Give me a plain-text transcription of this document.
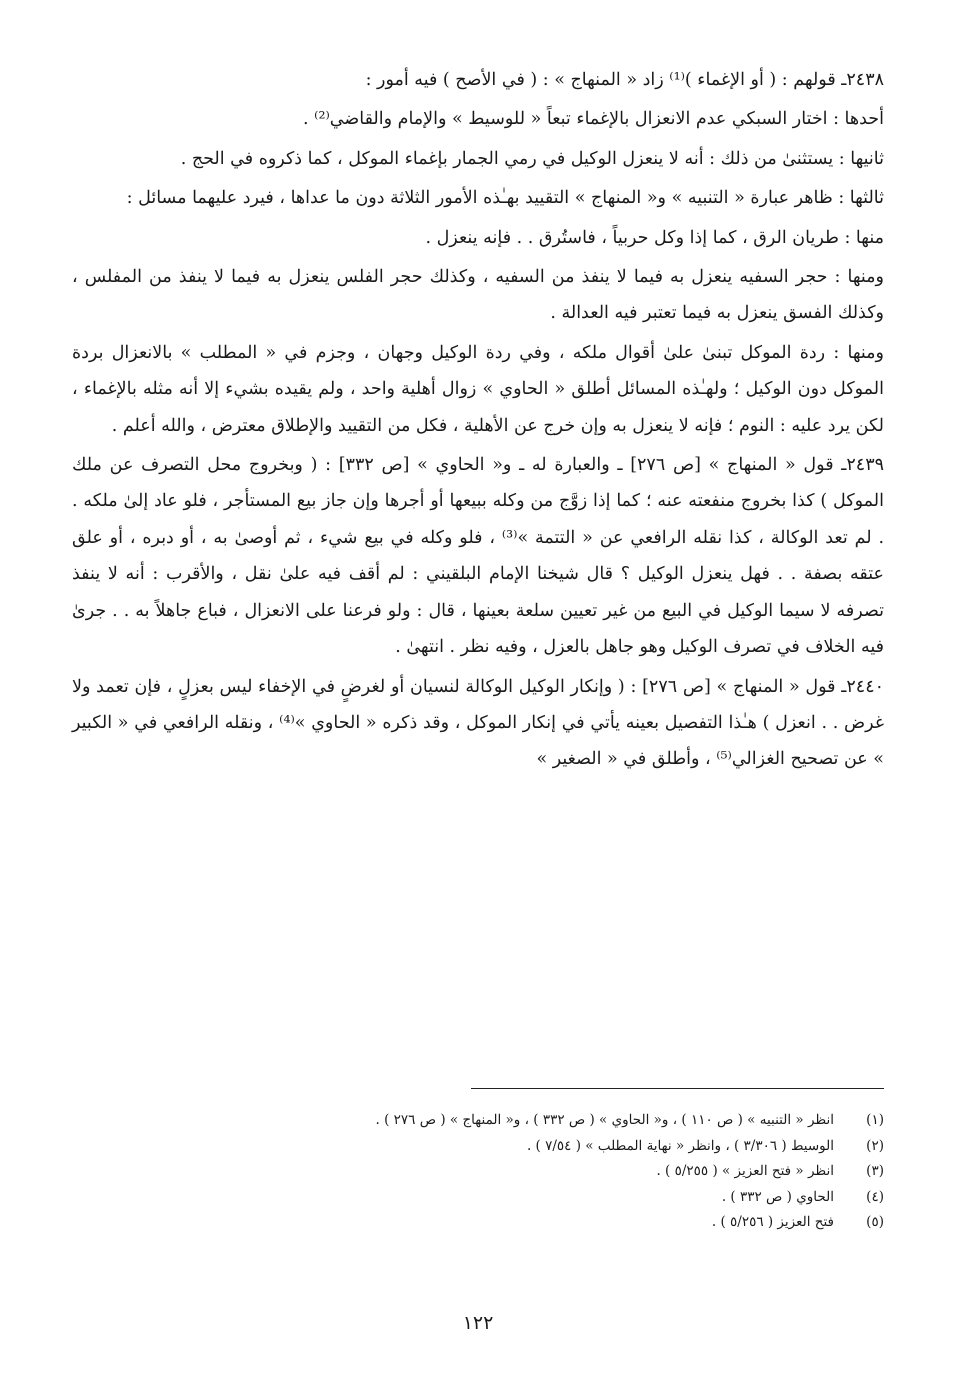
٢٤٣٨ـ قولهم : ( أو الإغماء )⁽¹⁾ زاد « المنهاج » : ( في الأصح ) فيه أمور :

أحدها : اختار السبكي عدم الانعزال بالإغماء تبعاً « للوسيط » والإمام والقاضي⁽²⁾ .

ثانيها : يستثنىٰ من ذلك : أنه لا ينعزل الوكيل في رمي الجمار بإغماء الموكل ، كما ذكروه في الحج .

ثالثها : ظاهر عبارة « التنبيه » و« المنهاج » التقييد بهـٰذه الأمور الثلاثة دون ما عداها ، فيرد عليهما مسائل :

منها : طريان الرق ، كما إذا وكل حربياً ، فاستُرق . . فإنه ينعزل .

ومنها : حجر السفيه ينعزل به فيما لا ينفذ من السفيه ، وكذلك حجر الفلس ينعزل به فيما لا ينفذ من المفلس ، وكذلك الفسق ينعزل به فيما تعتبر فيه العدالة .

ومنها : ردة الموكل تبنىٰ علىٰ أقوال ملكه ، وفي ردة الوكيل وجهان ، وجزم في « المطلب » بالانعزال بردة الموكل دون الوكيل ؛ ولهـٰذه المسائل أطلق « الحاوي » زوال أهلية واحد ، ولم يقيده بشيء إلا أنه مثله بالإغماء ، لكن يرد عليه : النوم ؛ فإنه لا ينعزل به وإن خرج عن الأهلية ، فكل من التقييد والإطلاق معترض ، والله أعلم .

٢٤٣٩ـ قول « المنهاج » [ص ٢٧٦] ـ والعبارة له ـ و« الحاوي » [ص ٣٣٢] : ( وبخروج محل التصرف عن ملك الموكل ) كذا بخروج منفعته عنه ؛ كما إذا زوَّج من وكله ببيعها أو أجرها وإن جاز بيع المستأجر ، فلو عاد إلىٰ ملكه . . لم تعد الوكالة ، كذا نقله الرافعي عن « التتمة »⁽³⁾ ، فلو وكله في بيع شيء ، ثم أوصىٰ به ، أو دبره ، أو علق عتقه بصفة . . فهل ينعزل الوكيل ؟ قال شيخنا الإمام البلقيني : لم أقف فيه علىٰ نقل ، والأقرب : أنه لا ينفذ تصرفه لا سيما الوكيل في البيع من غير تعيين سلعة بعينها ، قال : ولو فرعنا على الانعزال ، فباع جاهلاً به . . جرىٰ فيه الخلاف في تصرف الوكيل وهو جاهل بالعزل ، وفيه نظر . انتهىٰ .

٢٤٤٠ـ قول « المنهاج » [ص ٢٧٦] : ( وإنكار الوكيل الوكالة لنسيان أو لغرضٍ في الإخفاء ليس بعزلٍ ، فإن تعمد ولا غرض . . انعزل ) هـٰذا التفصيل بعينه يأتي في إنكار الموكل ، وقد ذكره « الحاوي »⁽⁴⁾ ، ونقله الرافعي في « الكبير » عن تصحيح الغزالي⁽⁵⁾ ، وأطلق في « الصغير »

(١)
انظر « التنبيه » ( ص ١١٠ ) ، و« الحاوي » ( ص ٣٣٢ ) ، و« المنهاج » ( ص ٢٧٦ ) .
(٢)
الوسيط ( ٣/٣٠٦ ) ، وانظر « نهاية المطلب » ( ٧/٥٤ ) .
(٣)
انظر « فتح العزيز » ( ٥/٢٥٥ ) .
(٤)
الحاوي ( ص ٣٣٢ ) .
(٥)
فتح العزيز ( ٥/٢٥٦ ) .
١٢٢
